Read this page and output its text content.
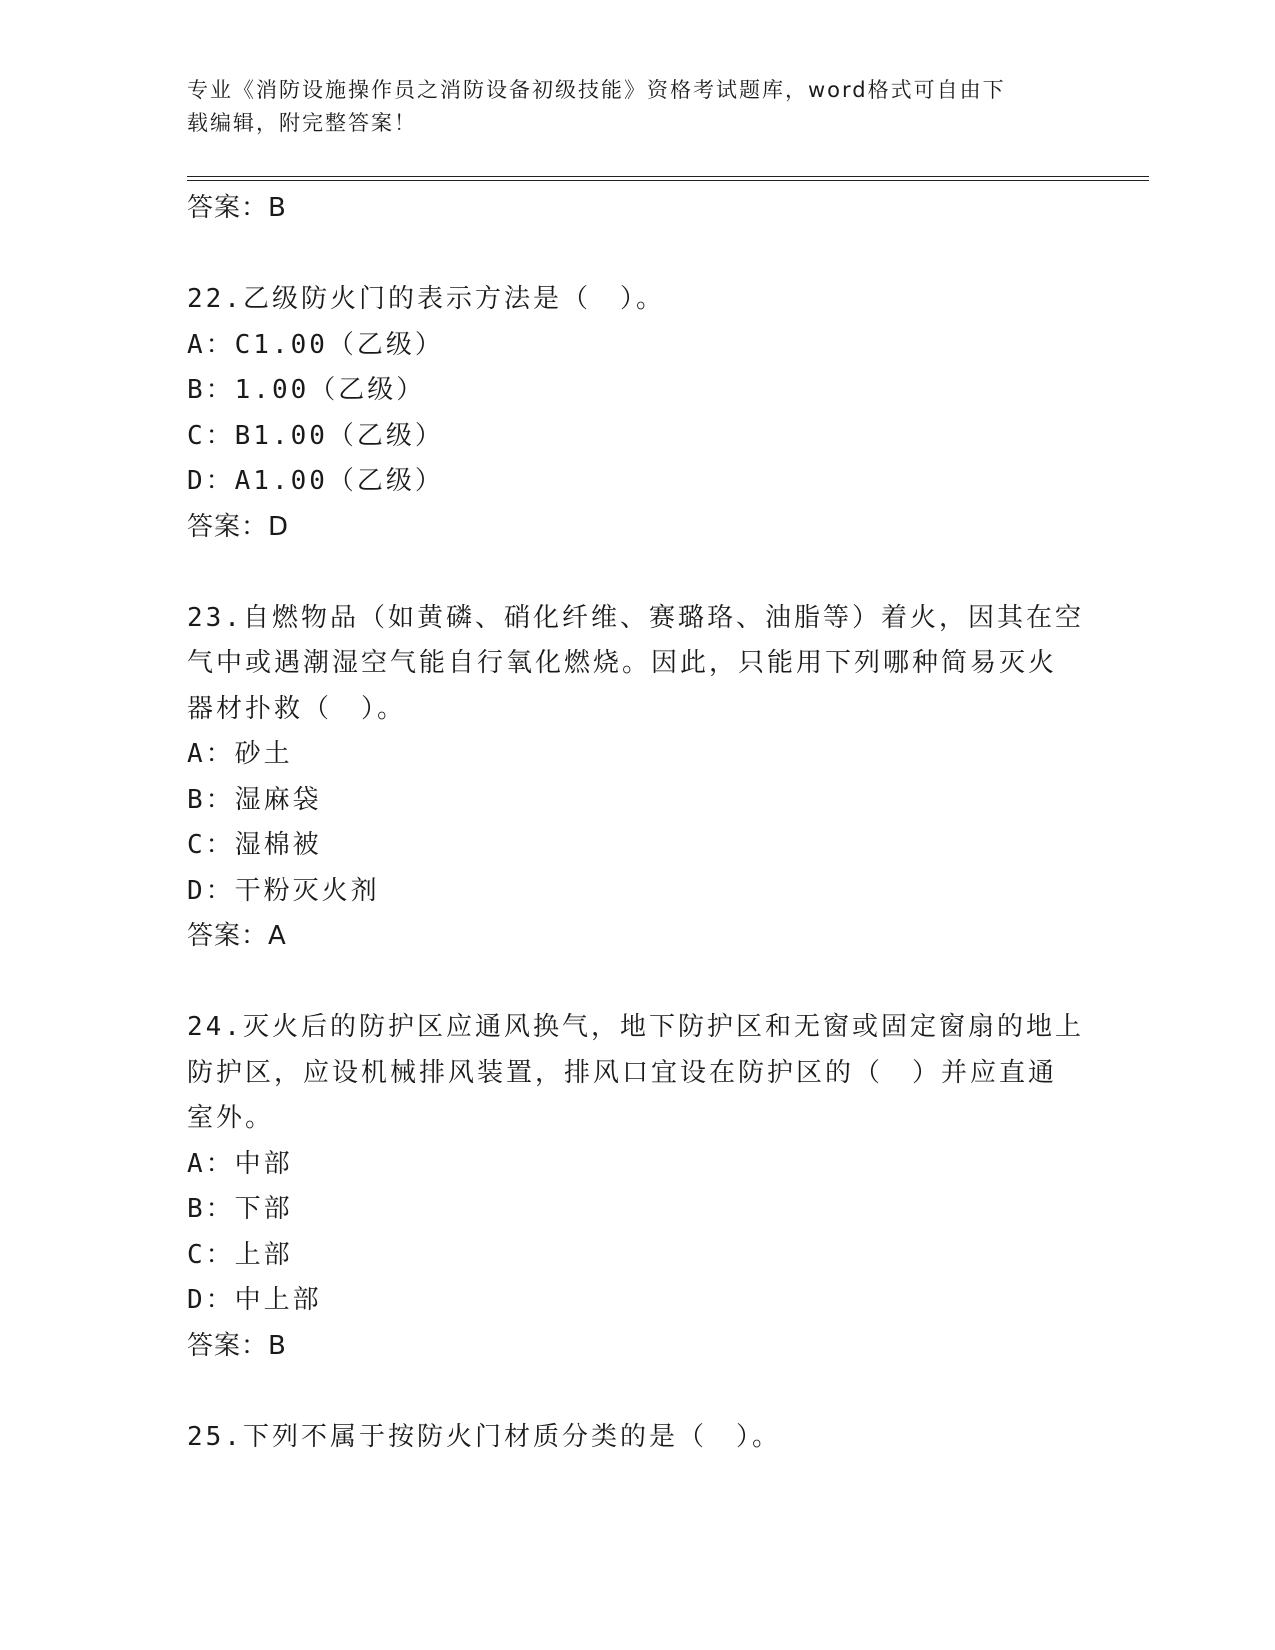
专业《消防设施操作员之消防设备初级技能》资格考试题库，word格式可自由下
载编辑，附完整答案！
答案：B
22.乙级防火门的表示方法是（　）。
A：C1.00（乙级）
B：1.00（乙级）
C：B1.00（乙级）
D：A1.00（乙级）
答案：D
23.自燃物品（如黄磷、硝化纤维、赛璐珞、油脂等）着火，因其在空
气中或遇潮湿空气能自行氧化燃烧。因此，只能用下列哪种简易灭火
器材扑救（　）。
A：砂土
B：湿麻袋
C：湿棉被
D：干粉灭火剂
答案：A
24.灭火后的防护区应通风换气，地下防护区和无窗或固定窗扇的地上
防护区，应设机械排风装置，排风口宜设在防护区的（　）并应直通
室外。
A：中部
B：下部
C：上部
D：中上部
答案：B
25.下列不属于按防火门材质分类的是（　）。
